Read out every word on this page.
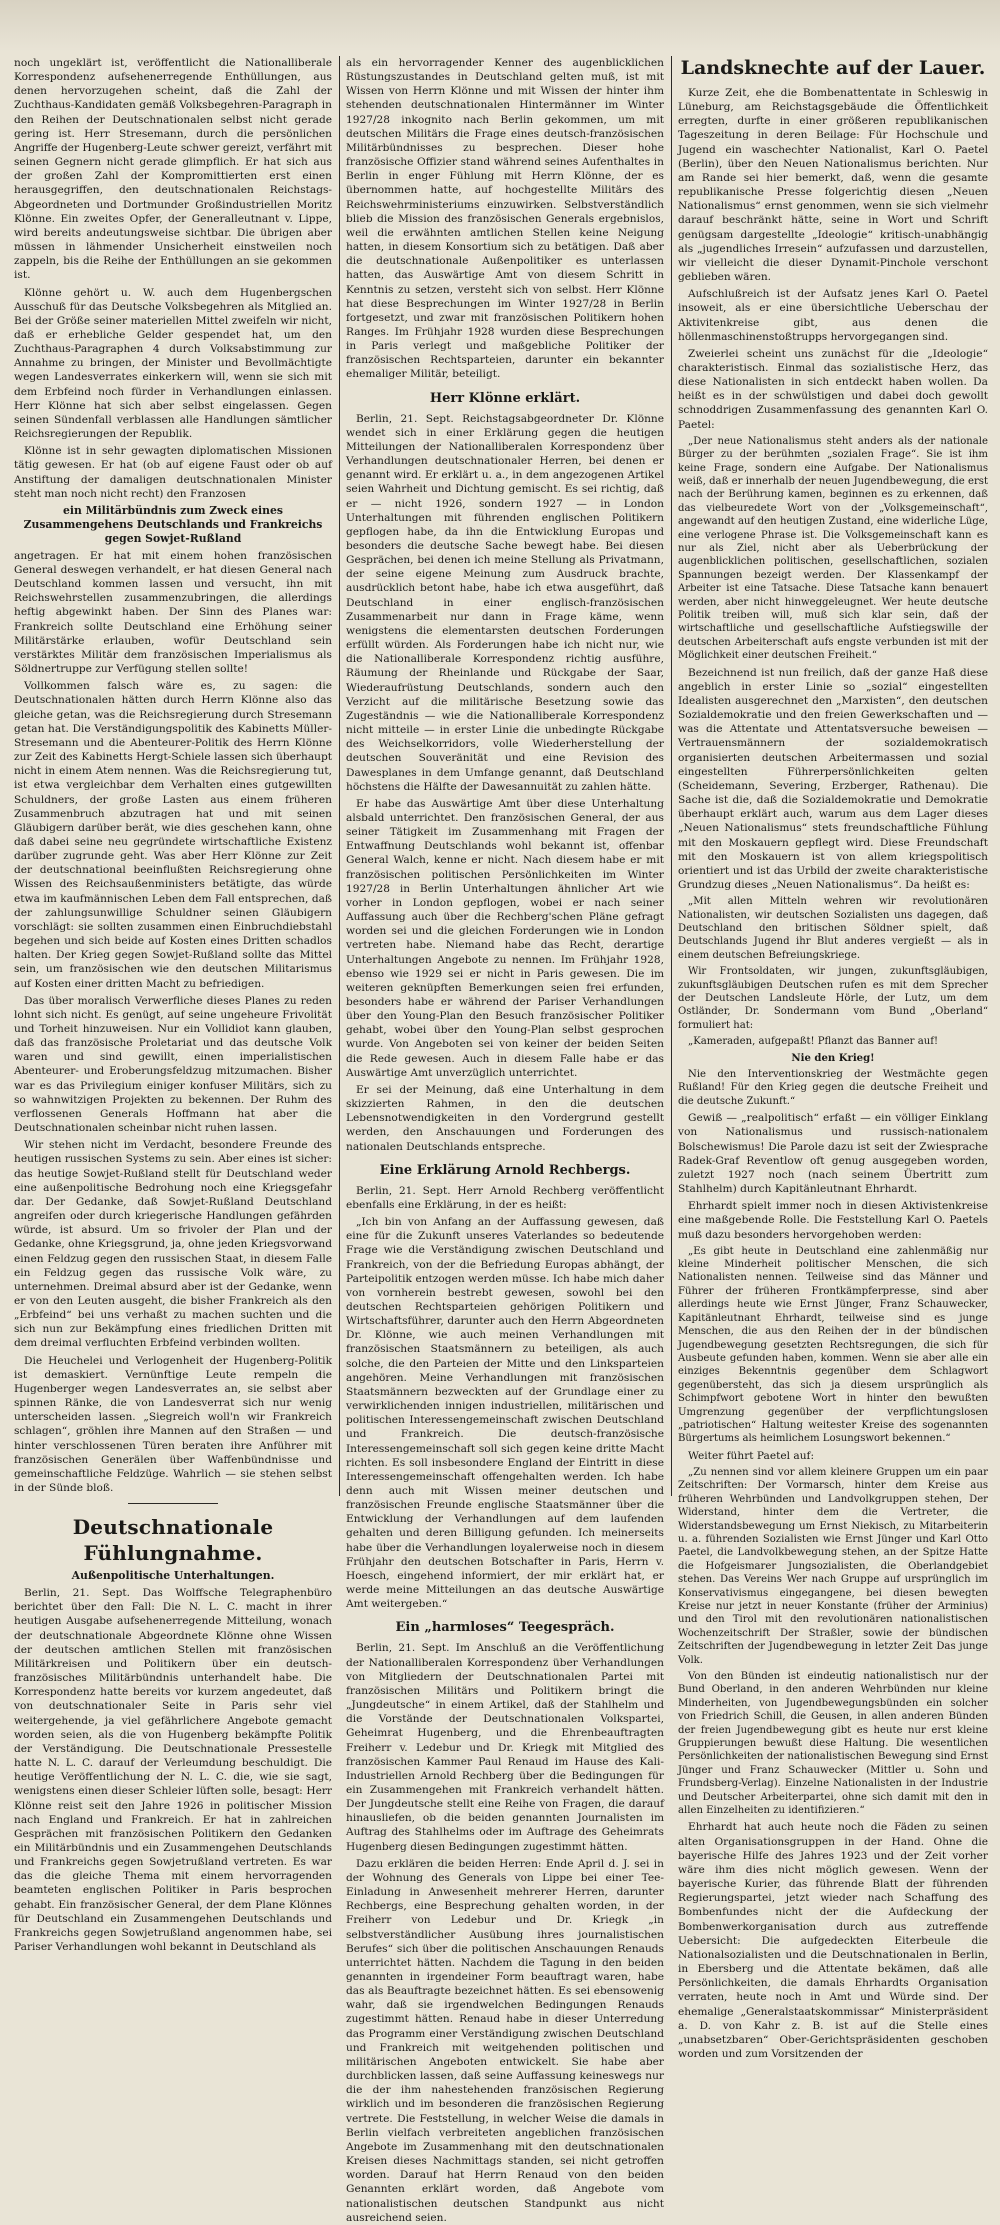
noch ungeklärt ist, veröffentlicht die Nationalliberale Korrespondenz aufsehenerregende Enthüllungen, aus denen hervorzugehen scheint, daß die Zahl der Zuchthaus-Kandidaten gemäß Volksbegehren-Paragraph in den Reihen der Deutschnationalen selbst nicht gerade gering ist. Herr Stresemann, durch die persönlichen Angriffe der Hugenberg-Leute schwer gereizt, verfährt mit seinen Gegnern nicht gerade glimpflich. Er hat sich aus der großen Zahl der Kompromittierten erst einen herausgegriffen, den deutschnationalen Reichstags-Abgeordneten und Dortmunder Großindustriellen Moritz Klönne. Ein zweites Opfer, der Generalleutnant v. Lippe, wird bereits andeutungsweise sichtbar. Die übrigen aber müssen in lähmender Unsicherheit einstweilen noch zappeln, bis die Reihe der Enthüllungen an sie gekommen ist.

Klönne gehört u. W. auch dem Hugenbergschen Ausschuß für das Deutsche Volksbegehren als Mitglied an. Bei der Größe seiner materiellen Mittel zweifeln wir nicht, daß er erhebliche Gelder gespendet hat, um den Zuchthaus-Paragraphen 4 durch Volksabstimmung zur Annahme zu bringen, der Minister und Bevollmächtigte wegen Landesverrates einkerkern will, wenn sie sich mit dem Erbfeind noch fürder in Verhandlungen einlassen. Herr Klönne hat sich aber selbst eingelassen. Gegen seinen Sündenfall verblassen alle Handlungen sämtlicher Reichsregierungen der Republik.

Klönne ist in sehr gewagten diplomatischen Missionen tätig gewesen. Er hat (ob auf eigene Faust oder ob auf Anstiftung der damaligen deutschnationalen Minister steht man noch nicht recht) den Franzosen

ein Militärbündnis zum Zweck eines Zusammengehens Deutschlands und Frankreichs gegen Sowjet-Rußland

angetragen. Er hat mit einem hohen französischen General deswegen verhandelt, er hat diesen General nach Deutschland kommen lassen und versucht, ihn mit Reichswehrstellen zusammenzubringen, die allerdings heftig abgewinkt haben. Der Sinn des Planes war: Frankreich sollte Deutschland eine Erhöhung seiner Militärstärke erlauben, wofür Deutschland sein verstärktes Militär dem französischen Imperialismus als Söldnertruppe zur Verfügung stellen sollte!

Vollkommen falsch wäre es, zu sagen: die Deutschnationalen hätten durch Herrn Klönne also das gleiche getan, was die Reichsregierung durch Stresemann getan hat. Die Verständigungspolitik des Kabinetts Müller-Stresemann und die Abenteurer-Politik des Herrn Klönne zur Zeit des Kabinetts Hergt-Schiele lassen sich überhaupt nicht in einem Atem nennen. Was die Reichsregierung tut, ist etwa vergleichbar dem Verhalten eines gutgewillten Schuldners, der große Lasten aus einem früheren Zusammenbruch abzutragen hat und mit seinen Gläubigern darüber berät, wie dies geschehen kann, ohne daß dabei seine neu gegründete wirtschaftliche Existenz darüber zugrunde geht. Was aber Herr Klönne zur Zeit der deutschnational beeinflußten Reichsregierung ohne Wissen des Reichsaußenministers betätigte, das würde etwa im kaufmännischen Leben dem Fall entsprechen, daß der zahlungsunwillige Schuldner seinen Gläubigern vorschlägt: sie sollten zusammen einen Einbruchdiebstahl begehen und sich beide auf Kosten eines Dritten schadlos halten. Der Krieg gegen Sowjet-Rußland sollte das Mittel sein, um französischen wie den deutschen Militarismus auf Kosten einer dritten Macht zu befriedigen.

Das über moralisch Verwerfliche dieses Planes zu reden lohnt sich nicht. Es genügt, auf seine ungeheure Frivolität und Torheit hinzuweisen. Nur ein Vollidiot kann glauben, daß das französische Proletariat und das deutsche Volk waren und sind gewillt, einen imperialistischen Abenteurer- und Eroberungsfeldzug mitzumachen. Bisher war es das Privilegium einiger konfuser Militärs, sich zu so wahnwitzigen Projekten zu bekennen. Der Ruhm des verflossenen Generals Hoffmann hat aber die Deutschnationalen scheinbar nicht ruhen lassen.

Wir stehen nicht im Verdacht, besondere Freunde des heutigen russischen Systems zu sein. Aber eines ist sicher: das heutige Sowjet-Rußland stellt für Deutschland weder eine außenpolitische Bedrohung noch eine Kriegsgefahr dar. Der Gedanke, daß Sowjet-Rußland Deutschland angreifen oder durch kriegerische Handlungen gefährden würde, ist absurd. Um so frivoler der Plan und der Gedanke, ohne Kriegsgrund, ja, ohne jeden Kriegsvorwand einen Feldzug gegen den russischen Staat, in diesem Falle ein Feldzug gegen das russische Volk wäre, zu unternehmen. Dreimal absurd aber ist der Gedanke, wenn er von den Leuten ausgeht, die bisher Frankreich als den „Erbfeind“ bei uns verhaßt zu machen suchten und die sich nun zur Bekämpfung eines friedlichen Dritten mit dem dreimal verfluchten Erbfeind verbinden wollten.

Die Heuchelei und Verlogenheit der Hugenberg-Politik ist demaskiert. Vernünftige Leute rempeln die Hugenberger wegen Landesverrates an, sie selbst aber spinnen Ränke, die von Landesverrat sich nur wenig unterscheiden lassen. „Siegreich woll'n wir Frankreich schlagen“, gröhlen ihre Mannen auf den Straßen — und hinter verschlossenen Türen beraten ihre Anführer mit französischen Generälen über Waffenbündnisse und gemeinschaftliche Feldzüge. Wahrlich — sie stehen selbst in der Sünde bloß.

Deutschnationale Fühlungnahme.
Außenpolitische Unterhaltungen.

Berlin, 21. Sept. Das Wolffsche Telegraphenbüro berichtet über den Fall: Die N. L. C. macht in ihrer heutigen Ausgabe aufsehenerregende Mitteilung, wonach der deutschnationale Abgeordnete Klönne ohne Wissen der deutschen amtlichen Stellen mit französischen Militärkreisen und Politikern über ein deutsch-französisches Militärbündnis unterhandelt habe. Die Korrespondenz hatte bereits vor kurzem angedeutet, daß von deutschnationaler Seite in Paris sehr viel weitergehende, ja viel gefährlichere Angebote gemacht worden seien, als die von Hugenberg bekämpfte Politik der Verständigung. Die Deutschnationale Pressestelle hatte N. L. C. darauf der Verleumdung beschuldigt. Die heutige Veröffentlichung der N. L. C. die, wie sie sagt, wenigstens einen dieser Schleier lüften solle, besagt: Herr Klönne reist seit den Jahre 1926 in politischer Mission nach England und Frankreich. Er hat in zahlreichen Gesprächen mit französischen Politikern den Gedanken ein Militärbündnis und ein Zusammengehen Deutschlands und Frankreichs gegen Sowjetrußland vertreten. Es war das die gleiche Thema mit einem hervorragenden beamteten englischen Politiker in Paris besprochen gehabt. Ein französischer General, der dem Plane Klönnes für Deutschland ein Zusammengehen Deutschlands und Frankreichs gegen Sowjetrußland angenommen habe, sei Pariser Verhandlungen wohl bekannt in Deutschland als

als ein hervorragender Kenner des augenblicklichen Rüstungszustandes in Deutschland gelten muß, ist mit Wissen von Herrn Klönne und mit Wissen der hinter ihm stehenden deutschnationalen Hintermänner im Winter 1927/28 inkognito nach Berlin gekommen, um mit deutschen Militärs die Frage eines deutsch-französischen Militärbündnisses zu besprechen. Dieser hohe französische Offizier stand während seines Aufenthaltes in Berlin in enger Fühlung mit Herrn Klönne, der es übernommen hatte, auf hochgestellte Militärs des Reichswehrministeriums einzuwirken. Selbstverständlich blieb die Mission des französischen Generals ergebnislos, weil die erwähnten amtlichen Stellen keine Neigung hatten, in diesem Konsortium sich zu betätigen. Daß aber die deutschnationale Außenpolitiker es unterlassen hatten, das Auswärtige Amt von diesem Schritt in Kenntnis zu setzen, versteht sich von selbst. Herr Klönne hat diese Besprechungen im Winter 1927/28 in Berlin fortgesetzt, und zwar mit französischen Politikern hohen Ranges. Im Frühjahr 1928 wurden diese Besprechungen in Paris verlegt und maßgebliche Politiker der französischen Rechtsparteien, darunter ein bekannter ehemaliger Militär, beteiligt.

Herr Klönne erklärt.

Berlin, 21. Sept. Reichstagsabgeordneter Dr. Klönne wendet sich in einer Erklärung gegen die heutigen Mitteilungen der Nationalliberalen Korrespondenz über Verhandlungen deutschnationaler Herren, bei denen er genannt wird. Er erklärt u. a., in dem angezogenen Artikel seien Wahrheit und Dichtung gemischt. Es sei richtig, daß er — nicht 1926, sondern 1927 — in London Unterhaltungen mit führenden englischen Politikern gepflogen habe, da ihn die Entwicklung Europas und besonders die deutsche Sache bewegt habe. Bei diesen Gesprächen, bei denen ich meine Stellung als Privatmann, der seine eigene Meinung zum Ausdruck brachte, ausdrücklich betont habe, habe ich etwa ausgeführt, daß Deutschland in einer englisch-französischen Zusammenarbeit nur dann in Frage käme, wenn wenigstens die elementarsten deutschen Forderungen erfüllt würden. Als Forderungen habe ich nicht nur, wie die Nationalliberale Korrespondenz richtig ausführe, Räumung der Rheinlande und Rückgabe der Saar, Wiederaufrüstung Deutschlands, sondern auch den Verzicht auf die militärische Besetzung sowie das Zugeständnis — wie die Nationalliberale Korrespondenz nicht mitteile — in erster Linie die unbedingte Rückgabe des Weichselkorridors, volle Wiederherstellung der deutschen Souveränität und eine Revision des Dawesplanes in dem Umfange genannt, daß Deutschland höchstens die Hälfte der Dawesannuität zu zahlen hätte.

Er habe das Auswärtige Amt über diese Unterhaltung alsbald unterrichtet. Den französischen General, der aus seiner Tätigkeit im Zusammenhang mit Fragen der Entwaffnung Deutschlands wohl bekannt ist, offenbar General Walch, kenne er nicht. Nach diesem habe er mit französischen politischen Persönlichkeiten im Winter 1927/28 in Berlin Unterhaltungen ähnlicher Art wie vorher in London gepflogen, wobei er nach seiner Auffassung auch über die Rechberg'schen Pläne gefragt worden sei und die gleichen Forderungen wie in London vertreten habe. Niemand habe das Recht, derartige Unterhaltungen Angebote zu nennen. Im Frühjahr 1928, ebenso wie 1929 sei er nicht in Paris gewesen. Die im weiteren geknüpften Bemerkungen seien frei erfunden, besonders habe er während der Pariser Verhandlungen über den Young-Plan den Besuch französischer Politiker gehabt, wobei über den Young-Plan selbst gesprochen wurde. Von Angeboten sei von keiner der beiden Seiten die Rede gewesen. Auch in diesem Falle habe er das Auswärtige Amt unverzüglich unterrichtet.

Er sei der Meinung, daß eine Unterhaltung in dem skizzierten Rahmen, in den die deutschen Lebensnotwendigkeiten in den Vordergrund gestellt werden, den Anschauungen und Forderungen des nationalen Deutschlands entspreche.

Eine Erklärung Arnold Rechbergs.

Berlin, 21. Sept. Herr Arnold Rechberg veröffentlicht ebenfalls eine Erklärung, in der es heißt:

„Ich bin von Anfang an der Auffassung gewesen, daß eine für die Zukunft unseres Vaterlandes so bedeutende Frage wie die Verständigung zwischen Deutschland und Frankreich, von der die Befriedung Europas abhängt, der Parteipolitik entzogen werden müsse. Ich habe mich daher von vornherein bestrebt gewesen, sowohl bei den deutschen Rechtsparteien gehörigen Politikern und Wirtschaftsführer, darunter auch den Herrn Abgeordneten Dr. Klönne, wie auch meinen Verhandlungen mit französischen Staatsmännern zu beteiligen, als auch solche, die den Parteien der Mitte und den Linksparteien angehören. Meine Verhandlungen mit französischen Staatsmännern bezweckten auf der Grundlage einer zu verwirklichenden innigen industriellen, militärischen und politischen Interessengemeinschaft zwischen Deutschland und Frankreich. Die deutsch-französische Interessengemeinschaft soll sich gegen keine dritte Macht richten. Es soll insbesondere England der Eintritt in diese Interessengemeinschaft offengehalten werden. Ich habe denn auch mit Wissen meiner deutschen und französischen Freunde englische Staatsmänner über die Entwicklung der Verhandlungen auf dem laufenden gehalten und deren Billigung gefunden. Ich meinerseits habe über die Verhandlungen loyalerweise noch in diesem Frühjahr den deutschen Botschafter in Paris, Herrn v. Hoesch, eingehend informiert, der mir erklärt hat, er werde meine Mitteilungen an das deutsche Auswärtige Amt weitergeben.“

Ein „harmloses“ Teegespräch.

Berlin, 21. Sept. Im Anschluß an die Veröffentlichung der Nationalliberalen Korrespondenz über Verhandlungen von Mitgliedern der Deutschnationalen Partei mit französischen Militärs und Politikern bringt die „Jungdeutsche“ in einem Artikel, daß der Stahlhelm und die Vorstände der Deutschnationalen Volkspartei, Geheimrat Hugenberg, und die Ehrenbeauftragten Freiherr v. Ledebur und Dr. Kriegk mit Mitglied des französischen Kammer Paul Renaud im Hause des Kali-Industriellen Arnold Rechberg über die Bedingungen für ein Zusammengehen mit Frankreich verhandelt hätten. Der Jungdeutsche stellt eine Reihe von Fragen, die darauf hinausliefen, ob die beiden genannten Journalisten im Auftrag des Stahlhelms oder im Auftrage des Geheimrats Hugenberg diesen Bedingungen zugestimmt hätten.

Dazu erklären die beiden Herren: Ende April d. J. sei in der Wohnung des Generals von Lippe bei einer Tee-Einladung in Anwesenheit mehrerer Herren, darunter Rechbergs, eine Besprechung gehalten worden, in der Freiherr von Ledebur und Dr. Kriegk „in selbstverständlicher Ausübung ihres journalistischen Berufes“ sich über die politischen Anschauungen Renauds unterrichtet hätten. Nachdem die Tagung in den beiden genannten in irgendeiner Form beauftragt waren, habe das als Beauftragte bezeichnet hätten. Es sei ebensowenig wahr, daß sie irgendwelchen Bedingungen Renauds zugestimmt hätten. Renaud habe in dieser Unterredung das Programm einer Verständigung zwischen Deutschland und Frankreich mit weitgehenden politischen und militärischen Angeboten entwickelt. Sie habe aber durchblicken lassen, daß seine Auffassung keineswegs nur die der ihm nahestehenden französischen Regierung wirklich und im besonderen die französischen Regierung vertrete. Die Feststellung, in welcher Weise die damals in Berlin vielfach verbreiteten angeblichen französischen Angebote im Zusammenhang mit den deutschnationalen Kreisen dieses Nachmittags standen, sei nicht getroffen worden. Darauf hat Herrn Renaud von den beiden Genannten erklärt worden, daß Angebote vom nationalistischen deutschen Standpunkt aus nicht ausreichend seien.

Landsknechte auf der Lauer.

Kurze Zeit, ehe die Bombenattentate in Schleswig in Lüneburg, am Reichstagsgebäude die Öffentlichkeit erregten, durfte in einer größeren republikanischen Tageszeitung in deren Beilage: Für Hochschule und Jugend ein waschechter Nationalist, Karl O. Paetel (Berlin), über den Neuen Nationalismus berichten. Nur am Rande sei hier bemerkt, daß, wenn die gesamte republikanische Presse folgerichtig diesen „Neuen Nationalismus“ ernst genommen, wenn sie sich vielmehr darauf beschränkt hätte, seine in Wort und Schrift genügsam dargestellte „Ideologie“ kritisch-unabhängig als „jugendliches Irresein“ aufzufassen und darzustellen, wir vielleicht die dieser Dynamit-Pinchole verschont geblieben wären.

Aufschlußreich ist der Aufsatz jenes Karl O. Paetel insoweit, als er eine übersichtliche Ueberschau der Aktivitenkreise gibt, aus denen die höllenmaschinenstoßtrupps hervorgegangen sind.

Zweierlei scheint uns zunächst für die „Ideologie“ charakteristisch. Einmal das sozialistische Herz, das diese Nationalisten in sich entdeckt haben wollen. Da heißt es in der schwülstigen und dabei doch gewollt schnoddrigen Zusammenfassung des genannten Karl O. Paetel:

„Der neue Nationalismus steht anders als der nationale Bürger zu der berühmten „sozialen Frage“. Sie ist ihm keine Frage, sondern eine Aufgabe. Der Nationalismus weiß, daß er innerhalb der neuen Jugendbewegung, die erst nach der Berührung kamen, beginnen es zu erkennen, daß das vielbeuredete Wort von der „Volksgemeinschaft“, angewandt auf den heutigen Zustand, eine widerliche Lüge, eine verlogene Phrase ist. Die Volksgemeinschaft kann es nur als Ziel, nicht aber als Ueberbrückung der augenblicklichen politischen, gesellschaftlichen, sozialen Spannungen bezeigt werden. Der Klassenkampf der Arbeiter ist eine Tatsache. Diese Tatsache kann benauert werden, aber nicht hinweggeleugnet. Wer heute deutsche Politik treiben will, muß sich klar sein, daß der wirtschaftliche und gesellschaftliche Aufstiegswille der deutschen Arbeiterschaft aufs engste verbunden ist mit der Möglichkeit einer deutschen Freiheit.“

Bezeichnend ist nun freilich, daß der ganze Haß diese angeblich in erster Linie so „sozial“ eingestellten Idealisten ausgerechnet den „Marxisten“, den deutschen Sozialdemokratie und den freien Gewerkschaften und — was die Attentate und Attentatsversuche beweisen — Vertrauensmännern der sozialdemokratisch organisierten deutschen Arbeitermassen und sozial eingestellten Führerpersönlichkeiten gelten (Scheidemann, Severing, Erzberger, Rathenau). Die Sache ist die, daß die Sozialdemokratie und Demokratie überhaupt erklärt auch, warum aus dem Lager dieses „Neuen Nationalismus“ stets freundschaftliche Fühlung mit den Moskauern gepflegt wird. Diese Freundschaft mit den Moskauern ist von allem kriegspolitisch orientiert und ist das Urbild der zweite charakteristische Grundzug dieses „Neuen Nationalismus“. Da heißt es:

„Mit allen Mitteln wehren wir revolutionären Nationalisten, wir deutschen Sozialisten uns dagegen, daß Deutschland den britischen Söldner spielt, daß Deutschlands Jugend ihr Blut anderes vergießt — als in einem deutschen Befreiungskriege.

Wir Frontsoldaten, wir jungen, zukunftsgläubigen, zukunftsgläubigen Deutschen rufen es mit dem Sprecher der Deutschen Landsleute Hörle, der Lutz, um dem Ostländer, Dr. Sondermann vom Bund „Oberland“ formuliert hat:

„Kameraden, aufgepaßt! Pflanzt das Banner auf!

Nie den Krieg!

Nie den Interventionskrieg der Westmächte gegen Rußland! Für den Krieg gegen die deutsche Freiheit und die deutsche Zukunft.“

Gewiß — „realpolitisch“ erfaßt — ein völliger Einklang von Nationalismus und russisch-nationalem Bolschewismus! Die Parole dazu ist seit der Zwiesprache Radek-Graf Reventlow oft genug ausgegeben worden, zuletzt 1927 noch (nach seinem Übertritt zum Stahlhelm) durch Kapitänleutnant Ehrhardt.

Ehrhardt spielt immer noch in diesen Aktivistenkreise eine maßgebende Rolle. Die Feststellung Karl O. Paetels muß dazu besonders hervorgehoben werden:

„Es gibt heute in Deutschland eine zahlenmäßig nur kleine Minderheit politischer Menschen, die sich Nationalisten nennen. Teilweise sind das Männer und Führer der früheren Frontkämpferpresse, sind aber allerdings heute wie Ernst Jünger, Franz Schauwecker, Kapitänleutnant Ehrhardt, teilweise sind es junge Menschen, die aus den Reihen der in der bündischen Jugendbewegung gesetzten Rechtsregungen, die sich für Ausbeute gefunden haben, kommen. Wenn sie aber alle ein einziges Bekenntnis gegenüber dem Schlagwort gegenübersteht, das sich ja diesem ursprünglich als Schimpfwort gebotene Wort in hinter den bewußten Umgrenzung gegenüber der verpflichtungslosen „patriotischen“ Haltung weitester Kreise des sogenannten Bürgertums als heimlichem Losungswort bekennen.“

Weiter führt Paetel auf:

„Zu nennen sind vor allem kleinere Gruppen um ein paar Zeitschriften: Der Vormarsch, hinter dem Kreise aus früheren Wehrbünden und Landvolkgruppen stehen, Der Widerstand, hinter dem die Vertreter, die Widerstandsbewegung um Ernst Niekisch, zu Mitarbeiterin u. a. führenden Sozialisten wie Ernst Jünger und Karl Otto Paetel, die Landvolkbewegung stehen, an der Spitze Hatte die Hofgeismarer Jungsozialisten, die Oberlandgebiet stehen. Das Vereins Wer nach Gruppe auf ursprünglich im Konservativismus eingegangene, bei diesen bewegten Kreise nur jetzt in neuer Konstante (früher der Arminius) und den Tirol mit den revolutionären nationalistischen Wochenzeitschrift Der Straßler, sowie der bündischen Zeitschriften der Jugendbewegung in letzter Zeit Das junge Volk.

Von den Bünden ist eindeutig nationalistisch nur der Bund Oberland, in den anderen Wehrbünden nur kleine Minderheiten, von Jugendbewegungsbünden ein solcher von Friedrich Schill, die Geusen, in allen anderen Bünden der freien Jugendbewegung gibt es heute nur erst kleine Gruppierungen bewußt diese Haltung. Die wesentlichen Persönlichkeiten der nationalistischen Bewegung sind Ernst Jünger und Franz Schauwecker (Mittler u. Sohn und Frundsberg-Verlag). Einzelne Nationalisten in der Industrie und Deutscher Arbeiterpartei, ohne sich damit mit den in allen Einzelheiten zu identifizieren.“

Ehrhardt hat auch heute noch die Fäden zu seinen alten Organisationsgruppen in der Hand. Ohne die bayerische Hilfe des Jahres 1923 und der Zeit vorher wäre ihm dies nicht möglich gewesen. Wenn der bayerische Kurier, das führende Blatt der führenden Regierungspartei, jetzt wieder nach Schaffung des Bombenfundes nicht der die Aufdeckung der Bombenwerkorganisation durch aus zutreffende Uebersicht: Die aufgedeckten Eiterbeule die Nationalsozialisten und die Deutschnationalen in Berlin, in Ebersberg und die Attentate bekämen, daß alle Persönlichkeiten, die damals Ehrhardts Organisation verraten, heute noch in Amt und Würde sind. Der ehemalige „Generalstaatskommissar“ Ministerpräsident a. D. von Kahr z. B. ist auf die Stelle eines „unabsetzbaren“ Ober-Gerichtspräsidenten geschoben worden und zum Vorsitzenden der
